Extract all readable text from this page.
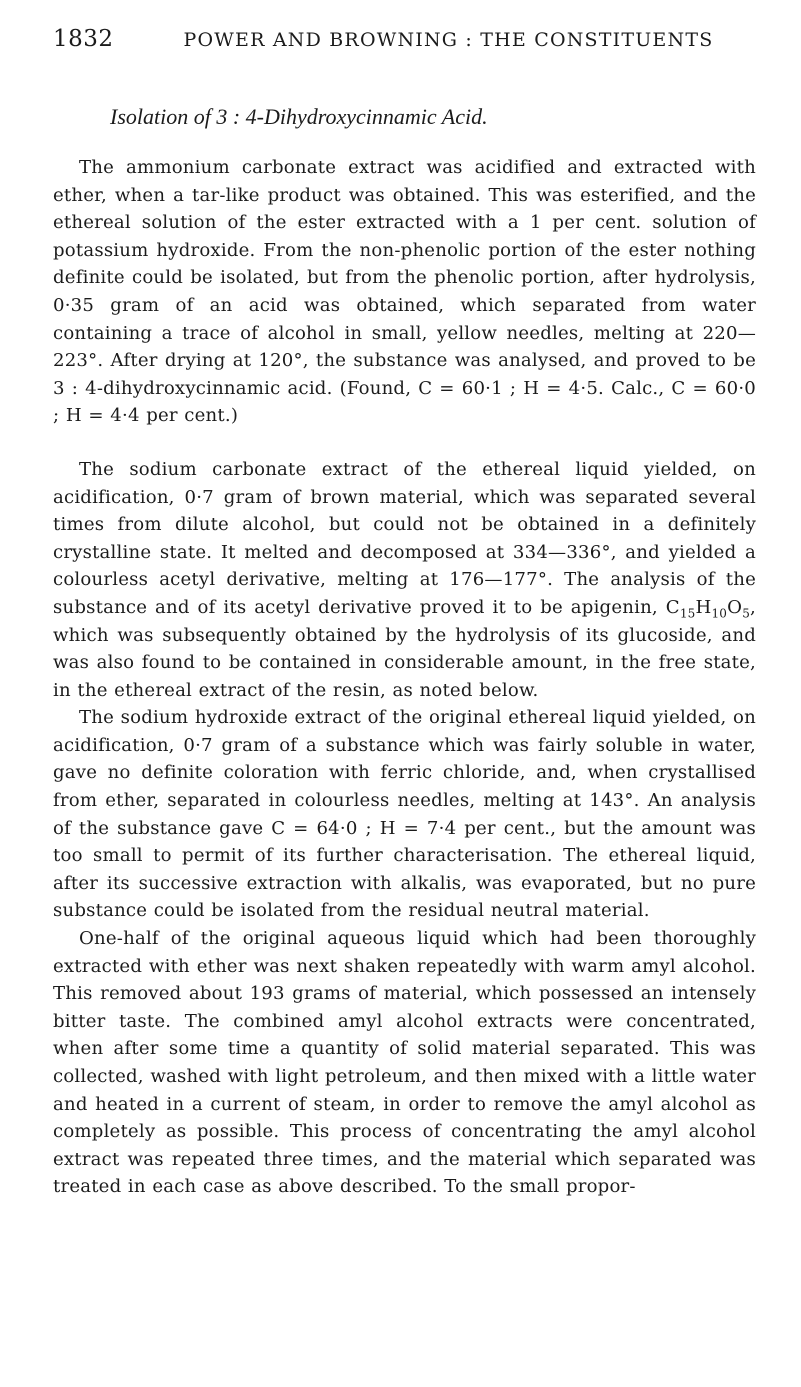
1832	POWER AND BROWNING : THE CONSTITUENTS
Isolation of 3 : 4-Dihydroxycinnamic Acid.

The ammonium carbonate extract was acidified and extracted with ether, when a tar-like product was obtained. This was esterified, and the ethereal solution of the ester extracted with a 1 per cent. solution of potassium hydroxide. From the non-phenolic portion of the ester nothing definite could be isolated, but from the phenolic portion, after hydrolysis, 0·35 gram of an acid was obtained, which separated from water containing a trace of alcohol in small, yellow needles, melting at 220—223°. After drying at 120°, the substance was analysed, and proved to be 3 : 4-dihydroxycinnamic acid. (Found, C = 60·1 ; H = 4·5. Calc., C = 60·0 ; H = 4·4 per cent.)

The sodium carbonate extract of the ethereal liquid yielded, on acidification, 0·7 gram of brown material, which was separated several times from dilute alcohol, but could not be obtained in a definitely crystalline state. It melted and decomposed at 334—336°, and yielded a colourless acetyl derivative, melting at 176—177°. The analysis of the substance and of its acetyl derivative proved it to be apigenin, $C_{15}H_{10}O_5$, which was subsequently obtained by the hydrolysis of its glucoside, and was also found to be contained in considerable amount, in the free state, in the ethereal extract of the resin, as noted below.

The sodium hydroxide extract of the original ethereal liquid yielded, on acidification, 0·7 gram of a substance which was fairly soluble in water, gave no definite coloration with ferric chloride, and, when crystallised from ether, separated in colourless needles, melting at 143°. An analysis of the substance gave C = 64·0 ; H = 7·4 per cent., but the amount was too small to permit of its further characterisation. The ethereal liquid, after its successive extraction with alkalis, was evaporated, but no pure substance could be isolated from the residual neutral material.

One-half of the original aqueous liquid which had been thoroughly extracted with ether was next shaken repeatedly with warm amyl alcohol. This removed about 193 grams of material, which possessed an intensely bitter taste. The combined amyl alcohol extracts were concentrated, when after some time a quantity of solid material separated. This was collected, washed with light petroleum, and then mixed with a little water and heated in a current of steam, in order to remove the amyl alcohol as completely as possible. This process of concentrating the amyl alcohol extract was repeated three times, and the material which separated was treated in each case as above described. To the small propor-
